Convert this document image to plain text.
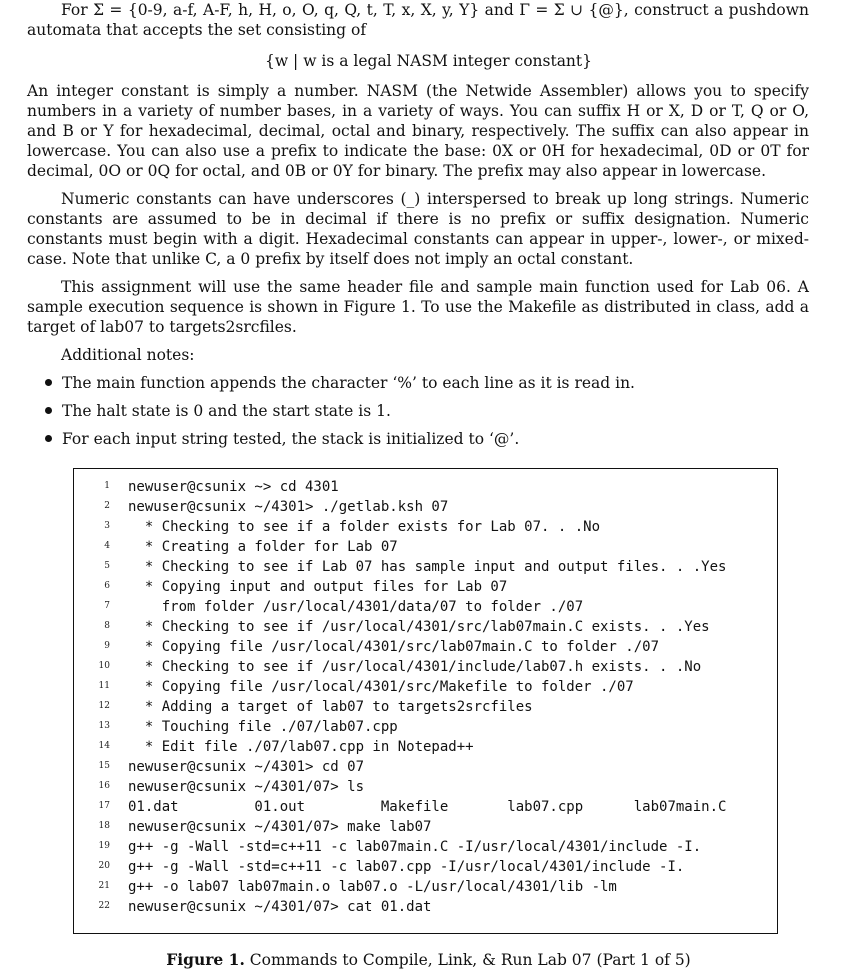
For Σ = {0-9, a-f, A-F, h, H, o, O, q, Q, t, T, x, X, y, Y} and Γ = Σ ∪ {@}, construct a pushdown automata that accepts the set consisting of

{w | w is a legal NASM integer constant}

An integer constant is simply a number. NASM (the Netwide Assembler) allows you to specify numbers in a variety of number bases, in a variety of ways. You can suffix H or X, D or T, Q or O, and B or Y for hexadecimal, decimal, octal and binary, respectively. The suffix can also appear in lowercase. You can also use a prefix to indicate the base: 0X or 0H for hexadecimal, 0D or 0T for decimal, 0O or 0Q for octal, and 0B or 0Y for binary. The prefix may also appear in lowercase.

Numeric constants can have underscores (_) interspersed to break up long strings. Numeric constants are assumed to be in decimal if there is no prefix or suffix designation. Numeric constants must begin with a digit. Hexadecimal constants can appear in upper-, lower-, or mixed-case. Note that unlike C, a 0 prefix by itself does not imply an octal constant.

This assignment will use the same header file and sample main function used for Lab 06. A sample execution sequence is shown in Figure 1. To use the Makefile as distributed in class, add a target of lab07 to targets2srcfiles.

Additional notes:
The main function appends the character ‘%’ to each line as it is read in.
The halt state is 0 and the start state is 1.
For each input string tested, the stack is initialized to ‘@’.
1 newuser@csunix ~> cd 4301
2 newuser@csunix ~/4301> ./getlab.ksh 07
3 * Checking to see if a folder exists for Lab 07. . .No
4 * Creating a folder for Lab 07
5 * Checking to see if Lab 07 has sample input and output files. . .Yes
6 * Copying input and output files for Lab 07
7 from folder /usr/local/4301/data/07 to folder ./07
8 * Checking to see if /usr/local/4301/src/lab07main.C exists. . .Yes
9 * Copying file /usr/local/4301/src/lab07main.C to folder ./07
10 * Checking to see if /usr/local/4301/include/lab07.h exists. . .No
11 * Copying file /usr/local/4301/src/Makefile to folder ./07
12 * Adding a target of lab07 to targets2srcfiles
13 * Touching file ./07/lab07.cpp
14 * Edit file ./07/lab07.cpp in Notepad++
15 newuser@csunix ~/4301> cd 07
16 newuser@csunix ~/4301/07> ls
17 01.dat         01.out         Makefile       lab07.cpp      lab07main.C
18 newuser@csunix ~/4301/07> make lab07
19 g++ -g -Wall -std=c++11 -c lab07main.C -I/usr/local/4301/include -I.
20 g++ -g -Wall -std=c++11 -c lab07.cpp -I/usr/local/4301/include -I.
21 g++ -o lab07 lab07main.o lab07.o -L/usr/local/4301/lib -lm
22 newuser@csunix ~/4301/07> cat 01.dat
Figure 1. Commands to Compile, Link, & Run Lab 07 (Part 1 of 5)
